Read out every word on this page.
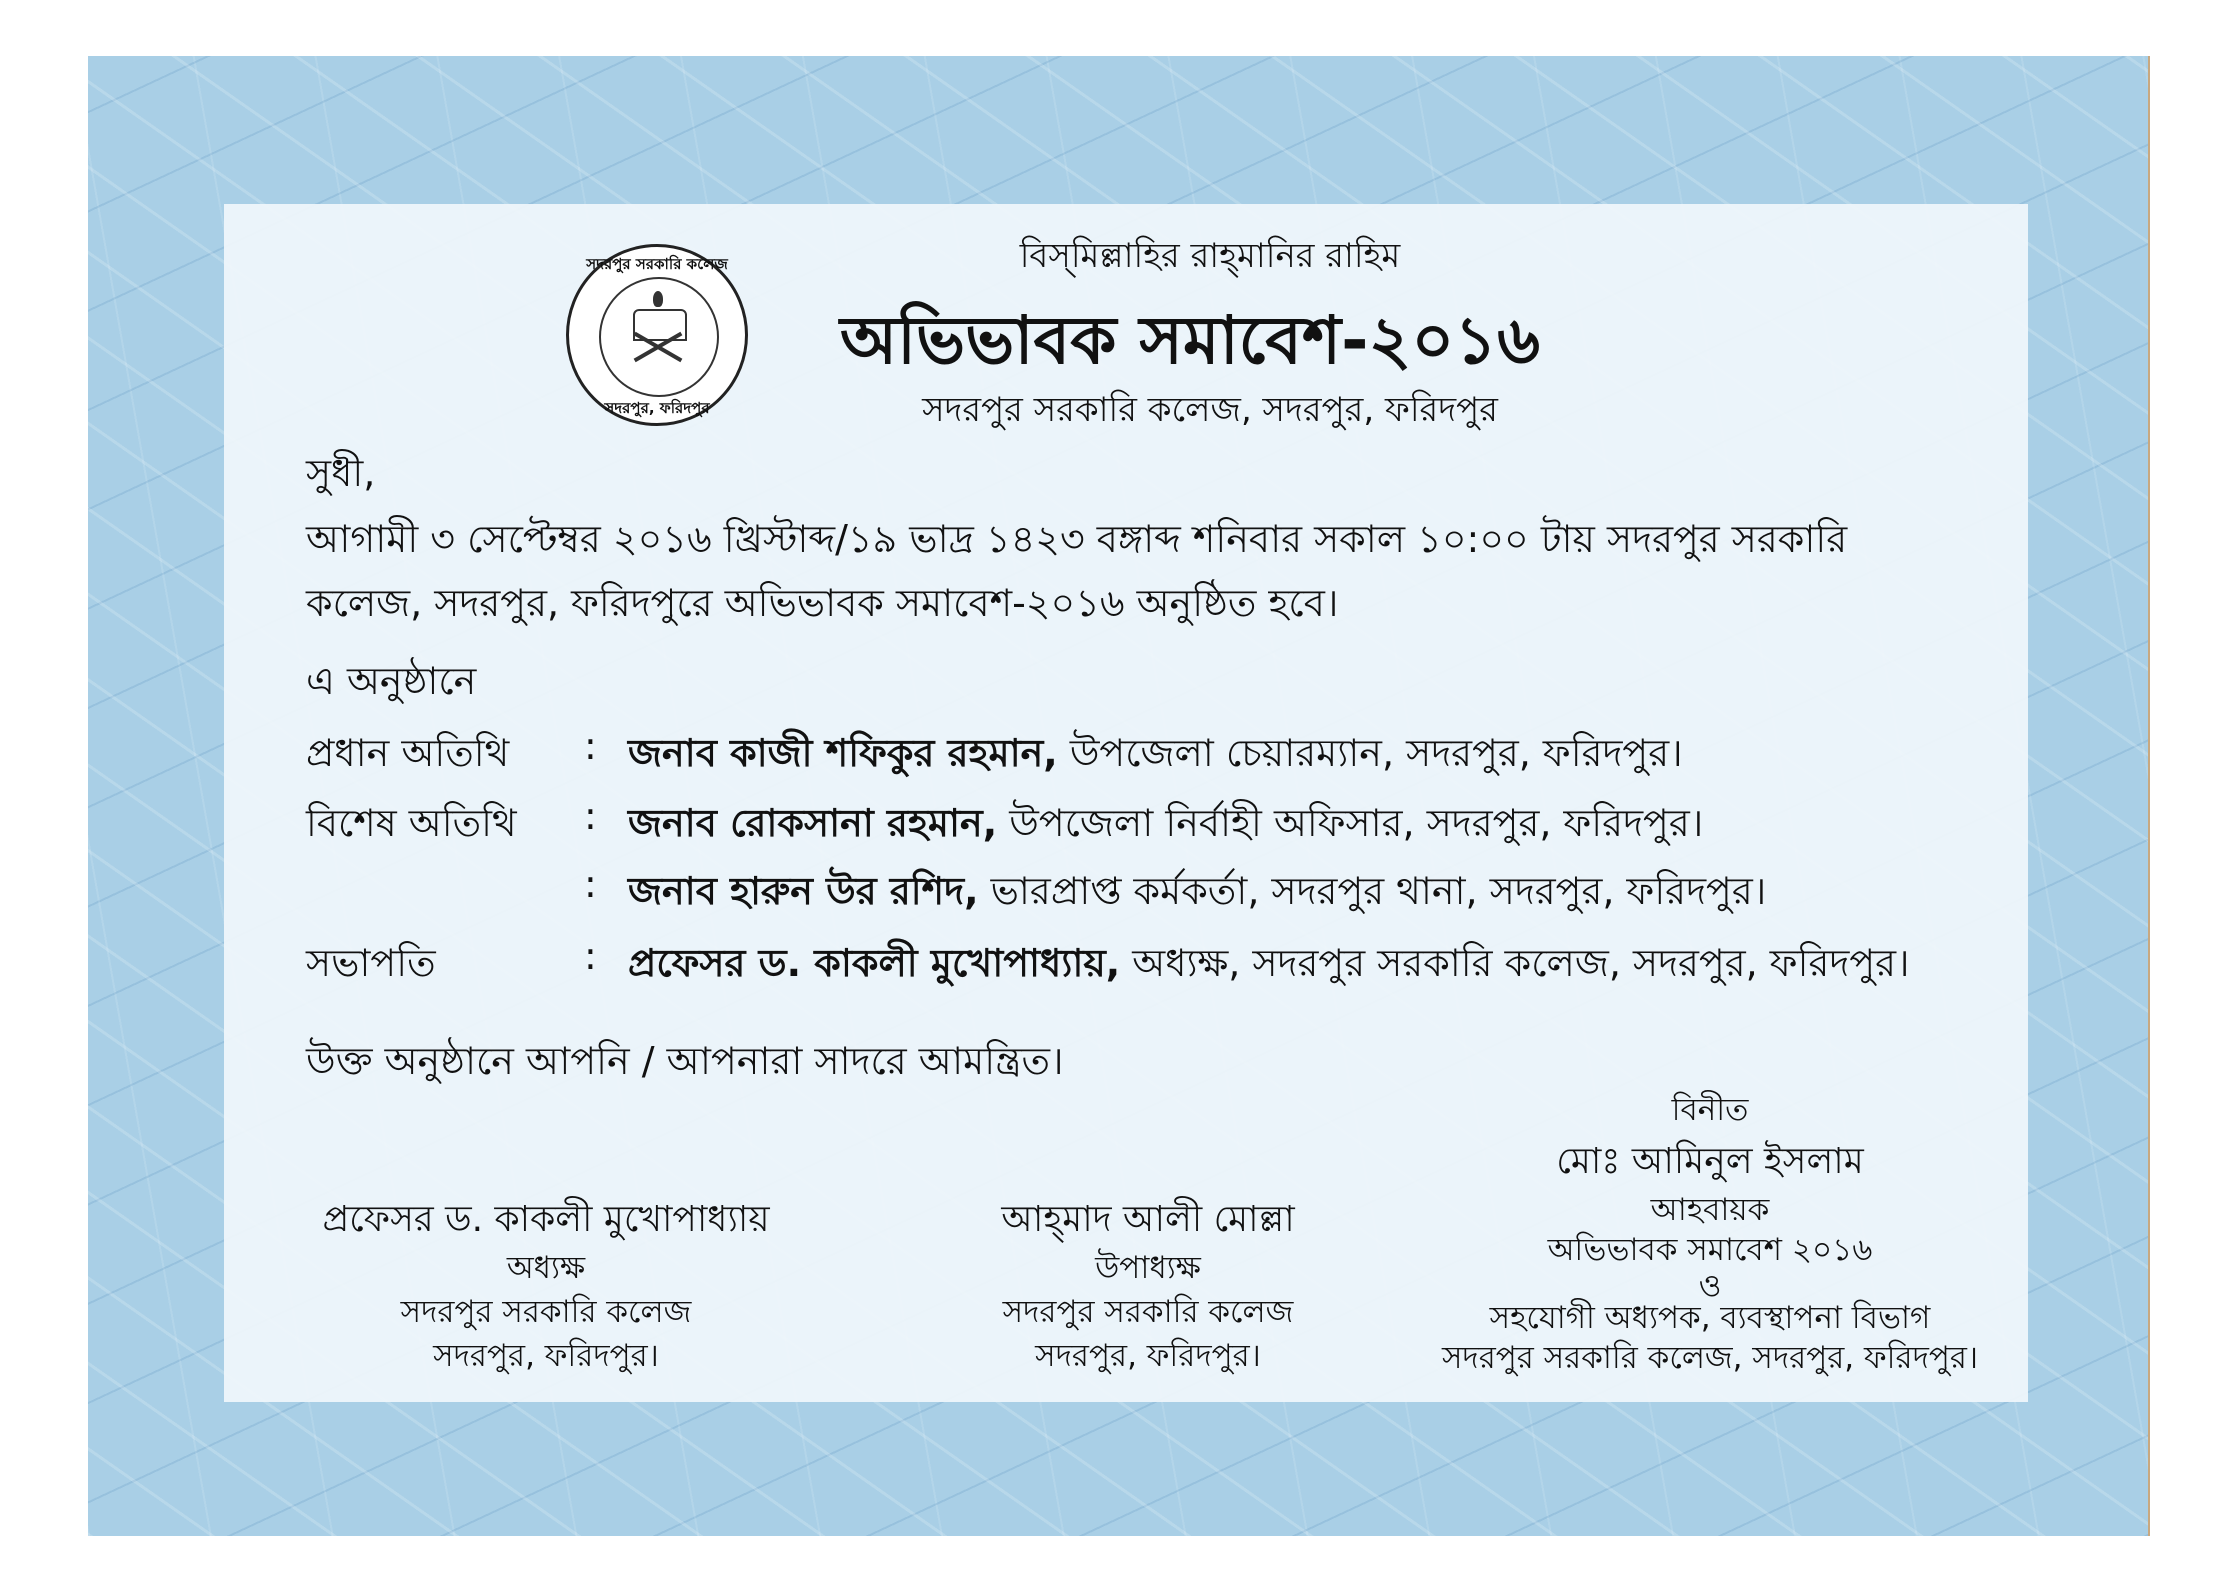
সদরপুর সরকারি কলেজ
সদরপুর, ফরিদপুর
বিস্‌মিল্লাহির রাহ্‌মানির রাহিম
অভিভাবক সমাবেশ-২০১৬
সদরপুর সরকারি কলেজ, সদরপুর, ফরিদপুর
সুধী,
আগামী ৩ সেপ্টেম্বর ২০১৬ খ্রিস্টাব্দ/১৯ ভাদ্র ১৪২৩ বঙ্গাব্দ শনিবার সকাল ১০:০০ টায় সদরপুর সরকারি
কলেজ, সদরপুর, ফরিদপুরে অভিভাবক সমাবেশ-২০১৬ অনুষ্ঠিত হবে।
এ অনুষ্ঠানে
প্রধান অতিথি : জনাব কাজী শফিকুর রহমান, উপজেলা চেয়ারম্যান, সদরপুর, ফরিদপুর।
বিশেষ অতিথি : জনাব রোকসানা রহমান, উপজেলা নির্বাহী অফিসার, সদরপুর, ফরিদপুর।
: জনাব হারুন উর রশিদ, ভারপ্রাপ্ত কর্মকর্তা, সদরপুর থানা, সদরপুর, ফরিদপুর।
সভাপতি	: প্রফেসর ড. কাকলী মুখোপাধ্যায়, অধ্যক্ষ, সদরপুর সরকারি কলেজ, সদরপুর, ফরিদপুর।
উক্ত অনুষ্ঠানে আপনি / আপনারা সাদরে আমন্ত্রিত।
বিনীত
মোঃ আমিনুল ইসলাম
আহবায়ক
অভিভাবক সমাবেশ ২০১৬
ও
সহযোগী অধ্যপক, ব্যবস্থাপনা বিভাগ
সদরপুর সরকারি কলেজ, সদরপুর, ফরিদপুর।
প্রফেসর ড. কাকলী মুখোপাধ্যায়
অধ্যক্ষ
সদরপুর সরকারি কলেজ
সদরপুর, ফরিদপুর।
আহ্‌মাদ আলী মোল্লা
উপাধ্যক্ষ
সদরপুর সরকারি কলেজ
সদরপুর, ফরিদপুর।
